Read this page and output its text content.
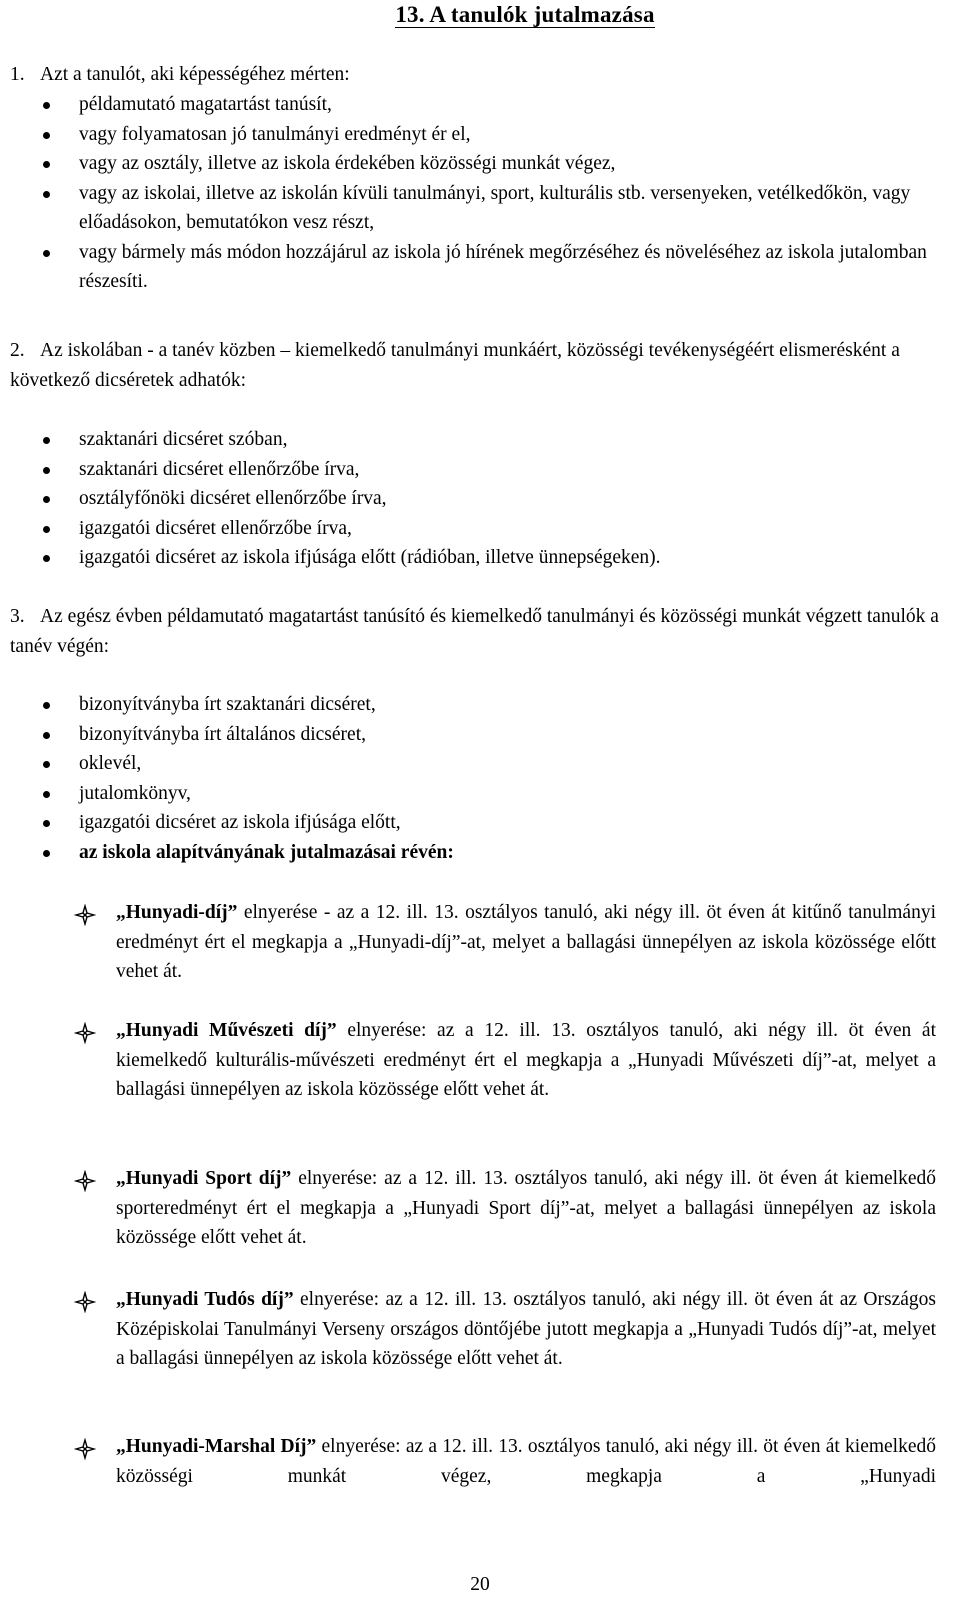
13. A tanulók jutalmazása
1. Azt a tanulót, aki képességéhez mérten:
példamutató magatartást tanúsít,
vagy folyamatosan jó tanulmányi eredményt ér el,
vagy az osztály, illetve az iskola érdekében közösségi munkát végez,
vagy az iskolai, illetve az iskolán kívüli tanulmányi, sport, kulturális stb. versenyeken, vetélkedőkön, vagy előadásokon, bemutatókon vesz részt,
vagy bármely más módon hozzájárul az iskola jó hírének megőrzéséhez és növeléséhez az iskola jutalomban részesíti.
2. Az iskolában - a tanév közben – kiemelkedő tanulmányi munkáért, közösségi tevékenységéért elismerésként a következő dicséretek adhatók:
szaktanári dicséret szóban,
szaktanári dicséret ellenőrzőbe írva,
osztályfőnöki dicséret ellenőrzőbe írva,
igazgatói dicséret ellenőrzőbe írva,
igazgatói dicséret az iskola ifjúsága előtt (rádióban, illetve ünnepségeken).
3. Az egész évben példamutató magatartást tanúsító és kiemelkedő tanulmányi és közösségi munkát végzett tanulók a tanév végén:
bizonyítványba írt szaktanári dicséret,
bizonyítványba írt általános dicséret,
oklevél,
jutalomkönyv,
igazgatói dicséret az iskola ifjúsága előtt,
az iskola alapítványának jutalmazásai révén:
„Hunyadi-díj” elnyerése - az a 12. ill. 13. osztályos tanuló, aki négy ill. öt éven át kitűnő tanulmányi eredményt ért el megkapja a „Hunyadi-díj”-at, melyet a ballagási ünnepélyen az iskola közössége előtt vehet át.
„Hunyadi Művészeti díj” elnyerése: az a 12. ill. 13. osztályos tanuló, aki négy ill. öt éven át kiemelkedő kulturális-művészeti eredményt ért el megkapja a „Hunyadi Művészeti díj”-at, melyet a ballagási ünnepélyen az iskola közössége előtt vehet át.
„Hunyadi Sport díj” elnyerése: az a 12. ill. 13. osztályos tanuló, aki négy ill. öt éven át kiemelkedő sporteredményt ért el megkapja a „Hunyadi Sport díj”-at, melyet a ballagási ünnepélyen az iskola közössége előtt vehet át.
„Hunyadi Tudós díj” elnyerése: az a 12. ill. 13. osztályos tanuló, aki négy ill. öt éven át az Országos Középiskolai Tanulmányi Verseny országos döntőjébe jutott megkapja a „Hunyadi Tudós díj”-at, melyet a ballagási ünnepélyen az iskola közössége előtt vehet át.
„Hunyadi-Marshal Díj” elnyerése: az a 12. ill. 13. osztályos tanuló, aki négy ill. öt éven át kiemelkedő közösségi munkát végez, megkapja a „Hunyadi
20
